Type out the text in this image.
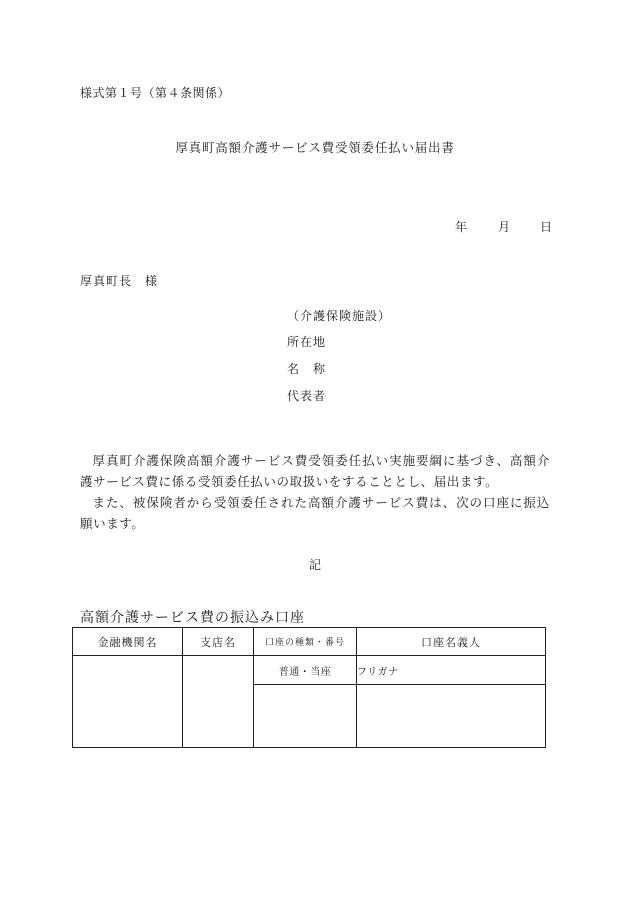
様式第１号（第４条関係）
厚真町高額介護サービス費受領委任払い届出書
年	月 日
厚真町長　様
（介護保険施設）
所在地
名　称
代表者

厚真町介護保険高額介護サービス費受領委任払い実施要綱に基づき、高額介護サービス費に係る受領委任払いの取扱いをすることとし、届出ます。

また、被保険者から受領委任された高額介護サービス費は、次の口座に振込願います。

記
高額介護サービス費の振込み口座
金融機関名	支店名	口座の種類・番号	口座名義人
		普通・当座	フリガナ
